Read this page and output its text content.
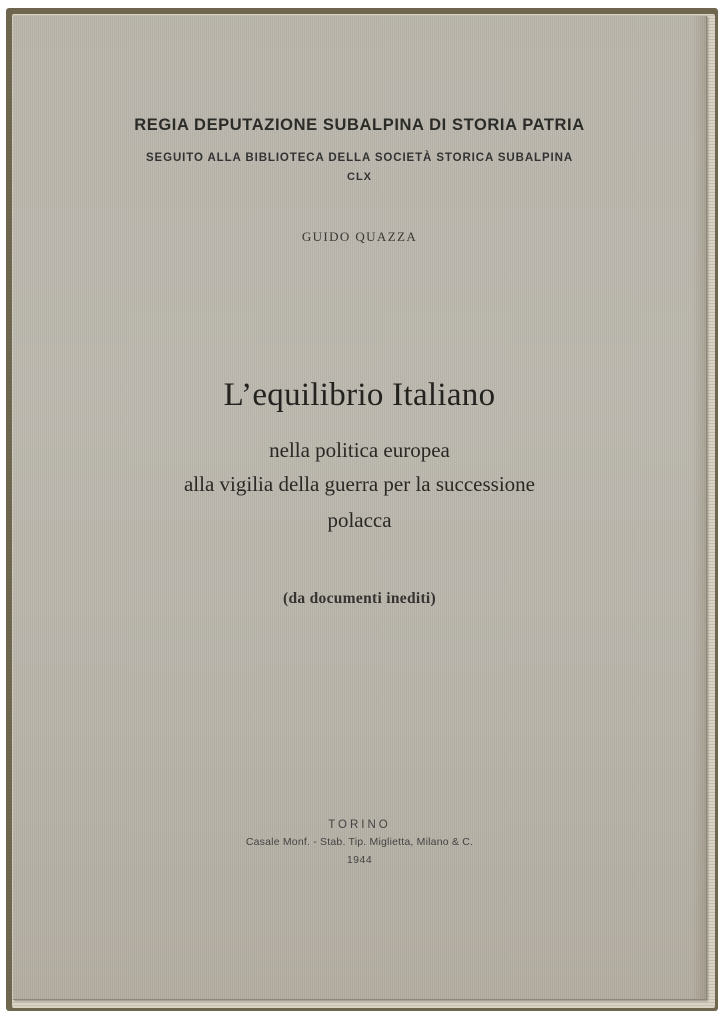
REGIA DEPUTAZIONE SUBALPINA DI STORIA PATRIA
SEGUITO ALLA BIBLIOTECA DELLA SOCIETÀ STORICA SUBALPINA
CLX
GUIDO QUAZZA
L’equilibrio Italiano
nella politica europea
alla vigilia della guerra per la successione
polacca
(da documenti inediti)
TORINO
Casale Monf. - Stab. Tip. Miglietta, Milano & C.
1944
